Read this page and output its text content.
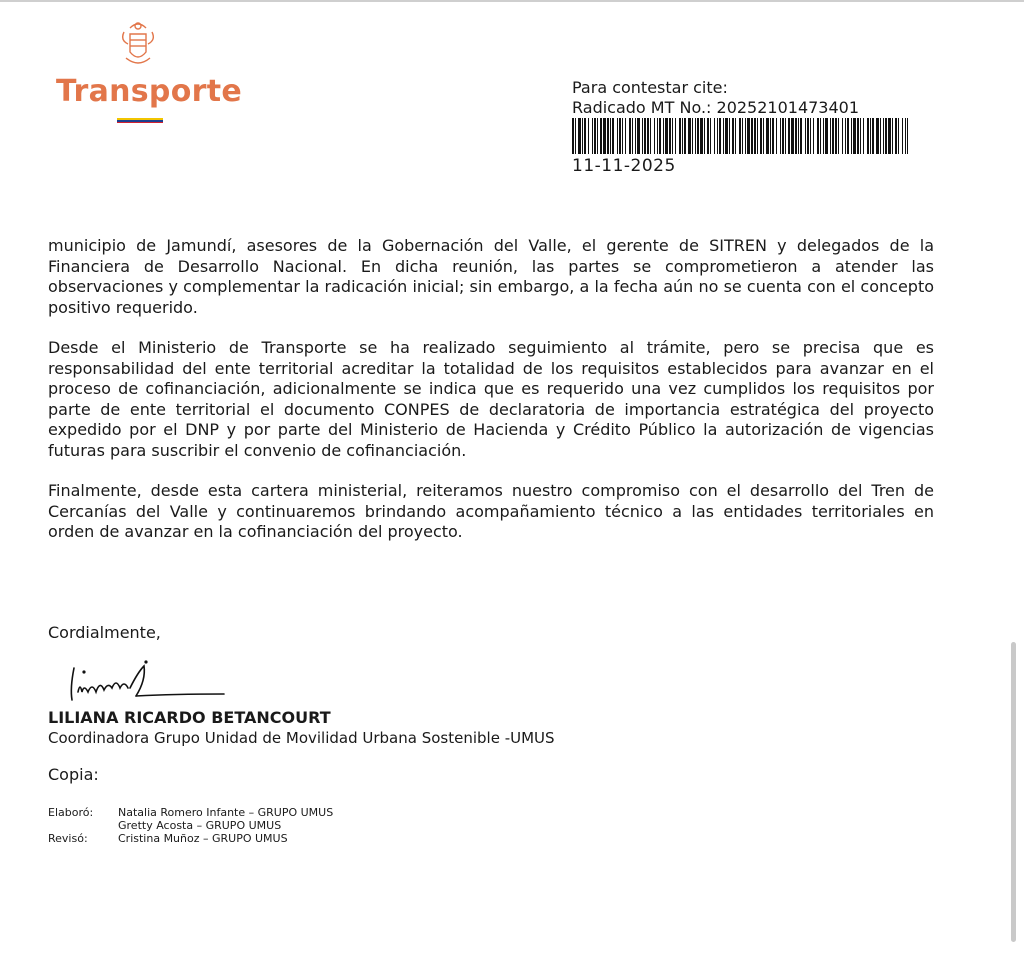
Transporte	Para contestar cite:
Radicado MT No.: 20252101473401
11-11-2025

municipio de Jamundí, asesores de la Gobernación del Valle, el gerente de SITREN y delegados de la Financiera de Desarrollo Nacional. En dicha reunión, las partes se comprometieron a atender las observaciones y complementar la radicación inicial; sin embargo, a la fecha aún no se cuenta con el concepto positivo requerido.

Desde el Ministerio de Transporte se ha realizado seguimiento al trámite, pero se precisa que es responsabilidad del ente territorial acreditar la totalidad de los requisitos establecidos para avanzar en el proceso de cofinanciación, adicionalmente se indica que es requerido una vez cumplidos los requisitos por parte de ente territorial el documento CONPES de declaratoria de importancia estratégica del proyecto expedido por el DNP y por parte del Ministerio de Hacienda y Crédito Público la autorización de vigencias futuras para suscribir el convenio de cofinanciación.

Finalmente, desde esta cartera ministerial, reiteramos nuestro compromiso con el desarrollo del Tren de Cercanías del Valle y continuaremos brindando acompañamiento técnico a las entidades territoriales en orden de avanzar en la cofinanciación del proyecto.

Cordialmente,
LILIANA RICARDO BETANCOURT
Coordinadora Grupo Unidad de Movilidad Urbana Sostenible -UMUS
Copia:
Elaboró:	Natalia Romero Infante – GRUPO UMUS
Gretty Acosta – GRUPO UMUS
Revisó:	Cristina Muñoz – GRUPO UMUS
